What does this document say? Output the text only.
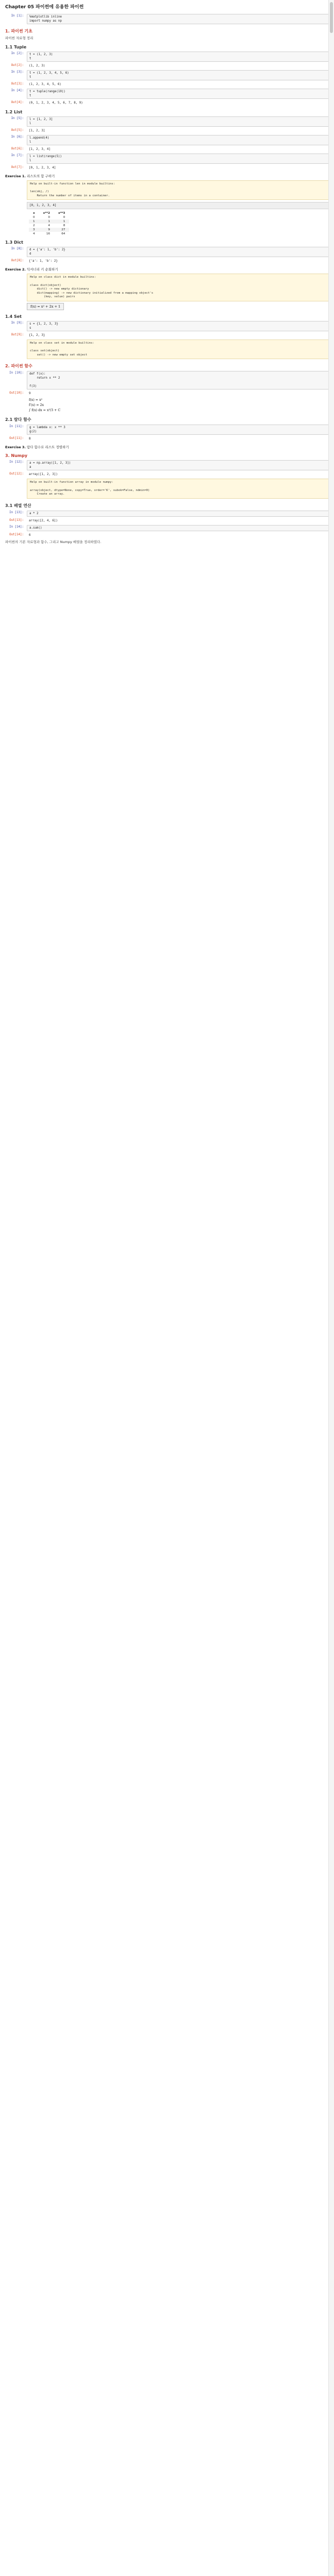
Chapter 05 파이썬에 유용한 파이썬
In [1]:	%matplotlib inline
import numpy as np
1. 파이썬 기초
파이썬 자료형 정리
1.1 Tuple
In [2]:	t = (1, 2, 3)
t
Out[2]:	(1, 2, 3)
In [3]:	t = (1, 2, 3, 4, 5, 6)
t
Out[3]:	(1, 2, 3, 4, 5, 6)
In [4]:	t = tuple(range(10))
t
Out[4]:	(0, 1, 2, 3, 4, 5, 6, 7, 8, 9)
1.2 List
In [5]:	l = [1, 2, 3]
l
Out[5]:	[1, 2, 3]
In [6]:	l.append(4)
l
Out[6]:	[1, 2, 3, 4]
In [7]:	l = list(range(5))
l
Out[7]:	[0, 1, 2, 3, 4]
Exercise 1. 리스트의 합 구하기
Help on built-in function len in module builtins:

len(obj, /)
Return the number of items in a container.
[0, 1, 2, 3, 4]
x	x**2	x**3
0	0	0
1	1	1
2	4	8
3	9	27
4	16	64
1.3 Dict
In [8]:	d = {'a': 1, 'b': 2}
d
Out[8]:	{'a': 1, 'b': 2}
Exercise 2. 딕셔너리 키 순회하기
Help on class dict in module builtins:

class dict(object)
dict() -> new empty dictionary
dict(mapping) -> new dictionary initialized from a mapping object's
(key, value) pairs
f(x) = x² + 2x + 1
1.4 Set
In [9]:	s = {1, 2, 3, 3}
s
Out[9]:	{1, 2, 3}
Help on class set in module builtins:

class set(object)
set() -> new empty set object
2. 파이썬 함수
In [10]:	def f(x):
return x ** 2

f(3)
Out[10]:	9
f(x) = x²
f′(x) = 2x
∫ f(x) dx = x³/3 + C
2.1 람다 함수
In [11]:	g = lambda x: x ** 3
g(2)
Out[11]:	8
Exercise 3. 람다 함수로 리스트 정렬하기
3. Numpy
In [12]:	a = np.array([1, 2, 3])
a
Out[12]:	array([1, 2, 3])
Help on built-in function array in module numpy:

array(object, dtype=None, copy=True, order='K', subok=False, ndmin=0)
Create an array.
3.1 배열 연산
In [13]:	a * 2
Out[13]:	array([2, 4, 6])
In [14]:	a.sum()
Out[14]:	6
파이썬의 기본 자료형과 함수, 그리고 Numpy 배열을 정리하였다.
